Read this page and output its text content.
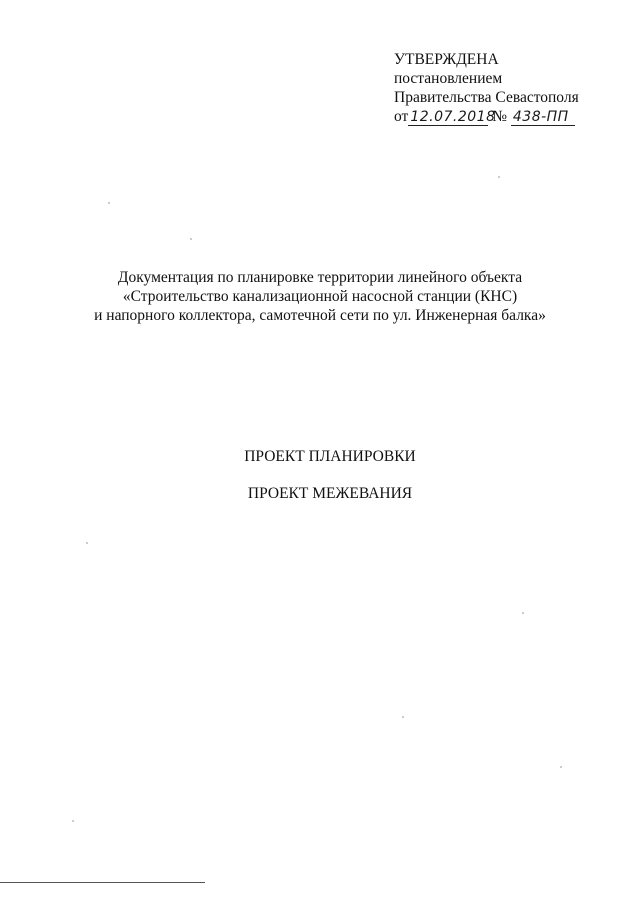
УТВЕРЖДЕНА
постановлением
Правительства Севастополя
от 12.07.2018 № 438-ПП
Документация по планировке территории линейного объекта
«Строительство канализационной насосной станции (КНС)
и напорного коллектора, самотечной сети по ул. Инженерная балка»
ПРОЕКТ ПЛАНИРОВКИ
ПРОЕКТ МЕЖЕВАНИЯ
